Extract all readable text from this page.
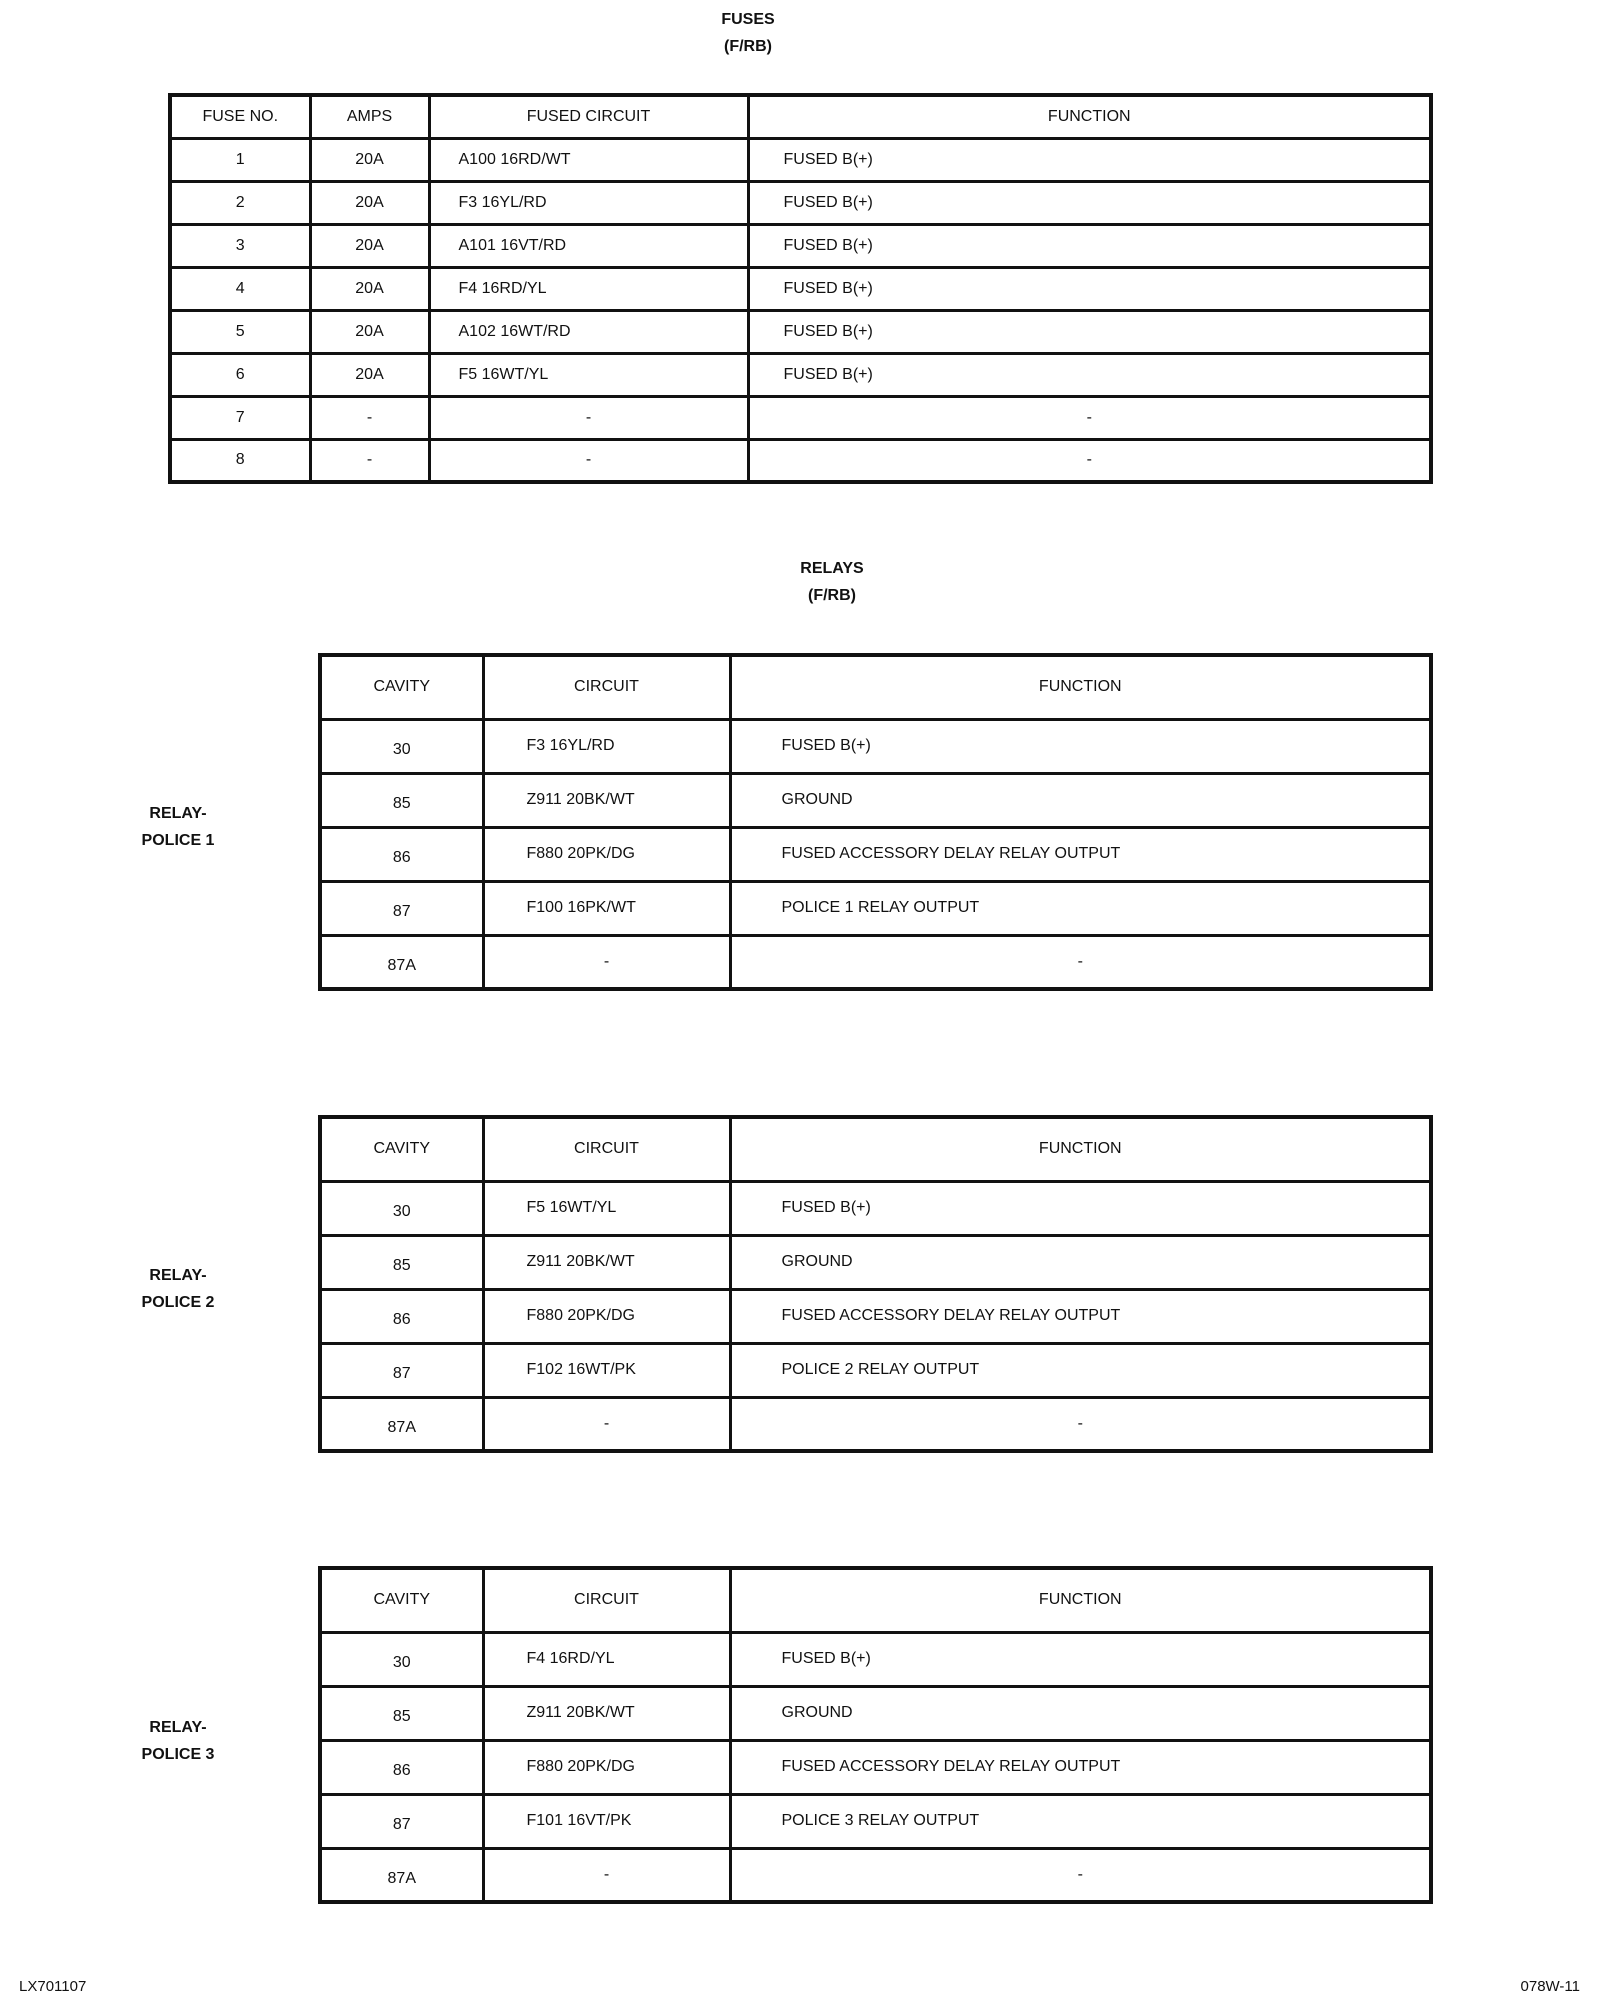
FUSES
(F/RB)
FUSE NO.	AMPS	FUSED CIRCUIT	FUNCTION
1	20A	A100 16RD/WT	FUSED B(+)
2	20A	F3 16YL/RD	FUSED B(+)
3	20A	A101 16VT/RD	FUSED B(+)
4	20A	F4 16RD/YL	FUSED B(+)
5	20A	A102 16WT/RD	FUSED B(+)
6	20A	F5 16WT/YL	FUSED B(+)
7	-	-	-
8	-	-	-
RELAYS
(F/RB)
RELAY-
POLICE 1
CAVITY	CIRCUIT	FUNCTION
30	F3 16YL/RD	FUSED B(+)
85	Z911 20BK/WT	GROUND
86	F880 20PK/DG	FUSED ACCESSORY DELAY RELAY OUTPUT
87	F100 16PK/WT	POLICE 1 RELAY OUTPUT
87A	-	-
RELAY-
POLICE 2
CAVITY	CIRCUIT	FUNCTION
30	F5 16WT/YL	FUSED B(+)
85	Z911 20BK/WT	GROUND
86	F880 20PK/DG	FUSED ACCESSORY DELAY RELAY OUTPUT
87	F102 16WT/PK	POLICE 2 RELAY OUTPUT
87A	-	-
RELAY-
POLICE 3
CAVITY	CIRCUIT	FUNCTION
30	F4 16RD/YL	FUSED B(+)
85	Z911 20BK/WT	GROUND
86	F880 20PK/DG	FUSED ACCESSORY DELAY RELAY OUTPUT
87	F101 16VT/PK	POLICE 3 RELAY OUTPUT
87A	-	-
LX701107	078W-11
